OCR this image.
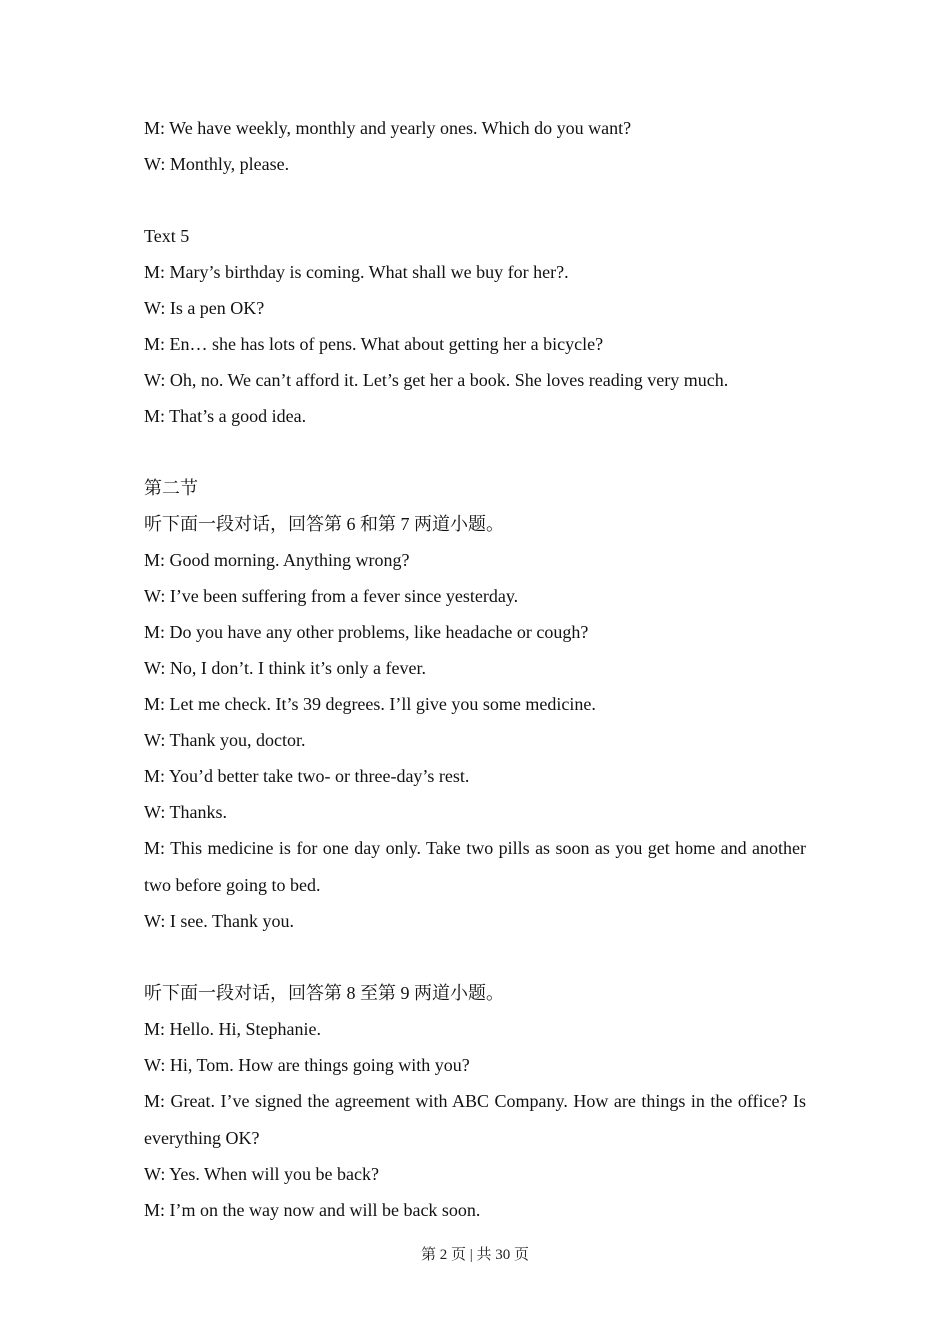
M: We have weekly, monthly and yearly ones. Which do you want?
W: Monthly, please.
Text 5
M: Mary’s birthday is coming. What shall we buy for her?.
W: Is a pen OK?
M: En… she has lots of pens. What about getting her a bicycle?
W: Oh, no. We can’t afford it. Let’s get her a book. She loves reading very much.
M: That’s a good idea.
第二节
听下面一段对话，回答第 6 和第 7 两道小题。
M: Good morning. Anything wrong?
W: I’ve been suffering from a fever since yesterday.
M: Do you have any other problems, like headache or cough?
W: No, I don’t. I think it’s only a fever.
M: Let me check. It’s 39 degrees. I’ll give you some medicine.
W: Thank you, doctor.
M: You’d better take two- or three-day’s rest.
W: Thanks.
M: This medicine is for one day only. Take two pills as soon as you get home and another two before going to bed.
W: I see. Thank you.
听下面一段对话，回答第 8 至第 9 两道小题。
M: Hello. Hi, Stephanie.
W: Hi, Tom. How are things going with you?
M: Great. I’ve signed the agreement with ABC Company. How are things in the office? Is everything OK?
W: Yes. When will you be back?
M: I’m on the way now and will be back soon.
第 2 页 | 共 30 页
